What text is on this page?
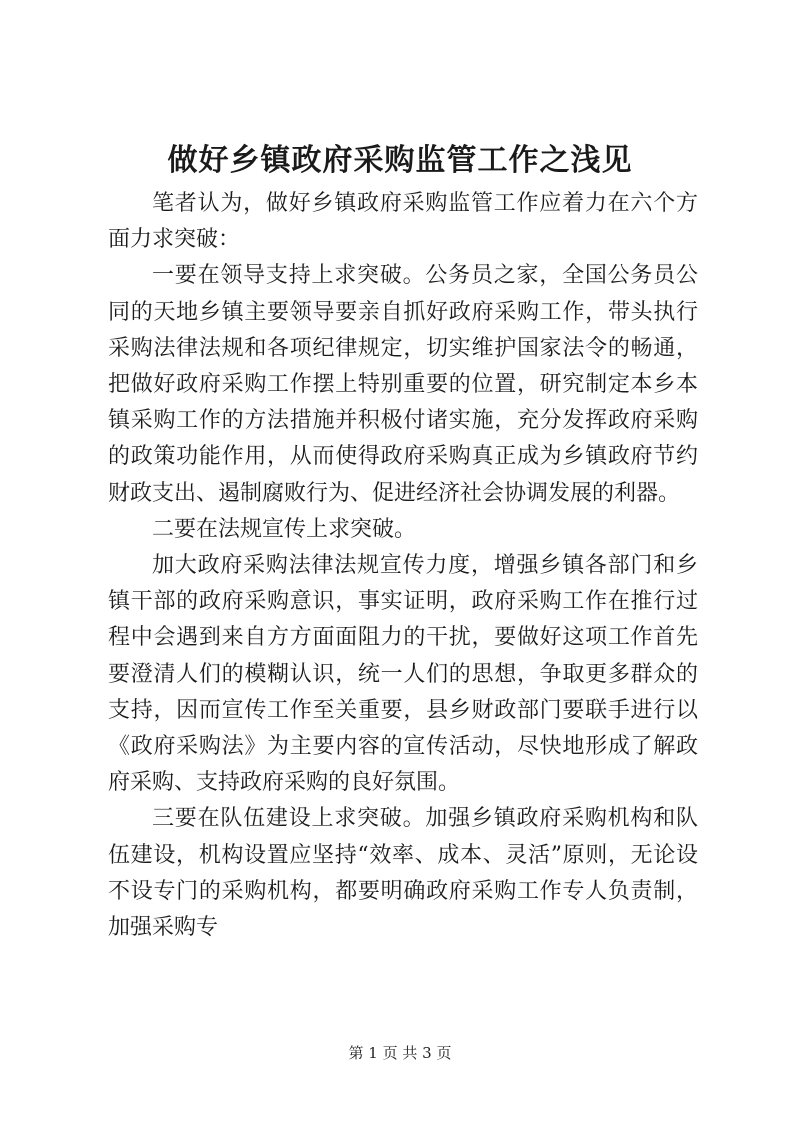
做好乡镇政府采购监管工作之浅见

笔者认为，做好乡镇政府采购监管工作应着力在六个方面力求突破：

一要在领导支持上求突破。公务员之家，全国公务员公同的天地乡镇主要领导要亲自抓好政府采购工作，带头执行采购法律法规和各项纪律规定，切实维护国家法令的畅通，把做好政府采购工作摆上特别重要的位置，研究制定本乡本镇采购工作的方法措施并积极付诸实施，充分发挥政府采购的政策功能作用，从而使得政府采购真正成为乡镇政府节约财政支出、遏制腐败行为、促进经济社会协调发展的利器。

二要在法规宣传上求突破。

加大政府采购法律法规宣传力度，增强乡镇各部门和乡镇干部的政府采购意识，事实证明，政府采购工作在推行过程中会遇到来自方方面面阻力的干扰，要做好这项工作首先要澄清人们的模糊认识，统一人们的思想，争取更多群众的支持，因而宣传工作至关重要，县乡财政部门要联手进行以《政府采购法》为主要内容的宣传活动，尽快地形成了解政府采购、支持政府采购的良好氛围。

三要在队伍建设上求突破。加强乡镇政府采购机构和队伍建设，机构设置应坚持“效率、成本、灵活”原则，无论设不设专门的采购机构，都要明确政府采购工作专人负责制，加强采购专

第 1 页 共 3 页
